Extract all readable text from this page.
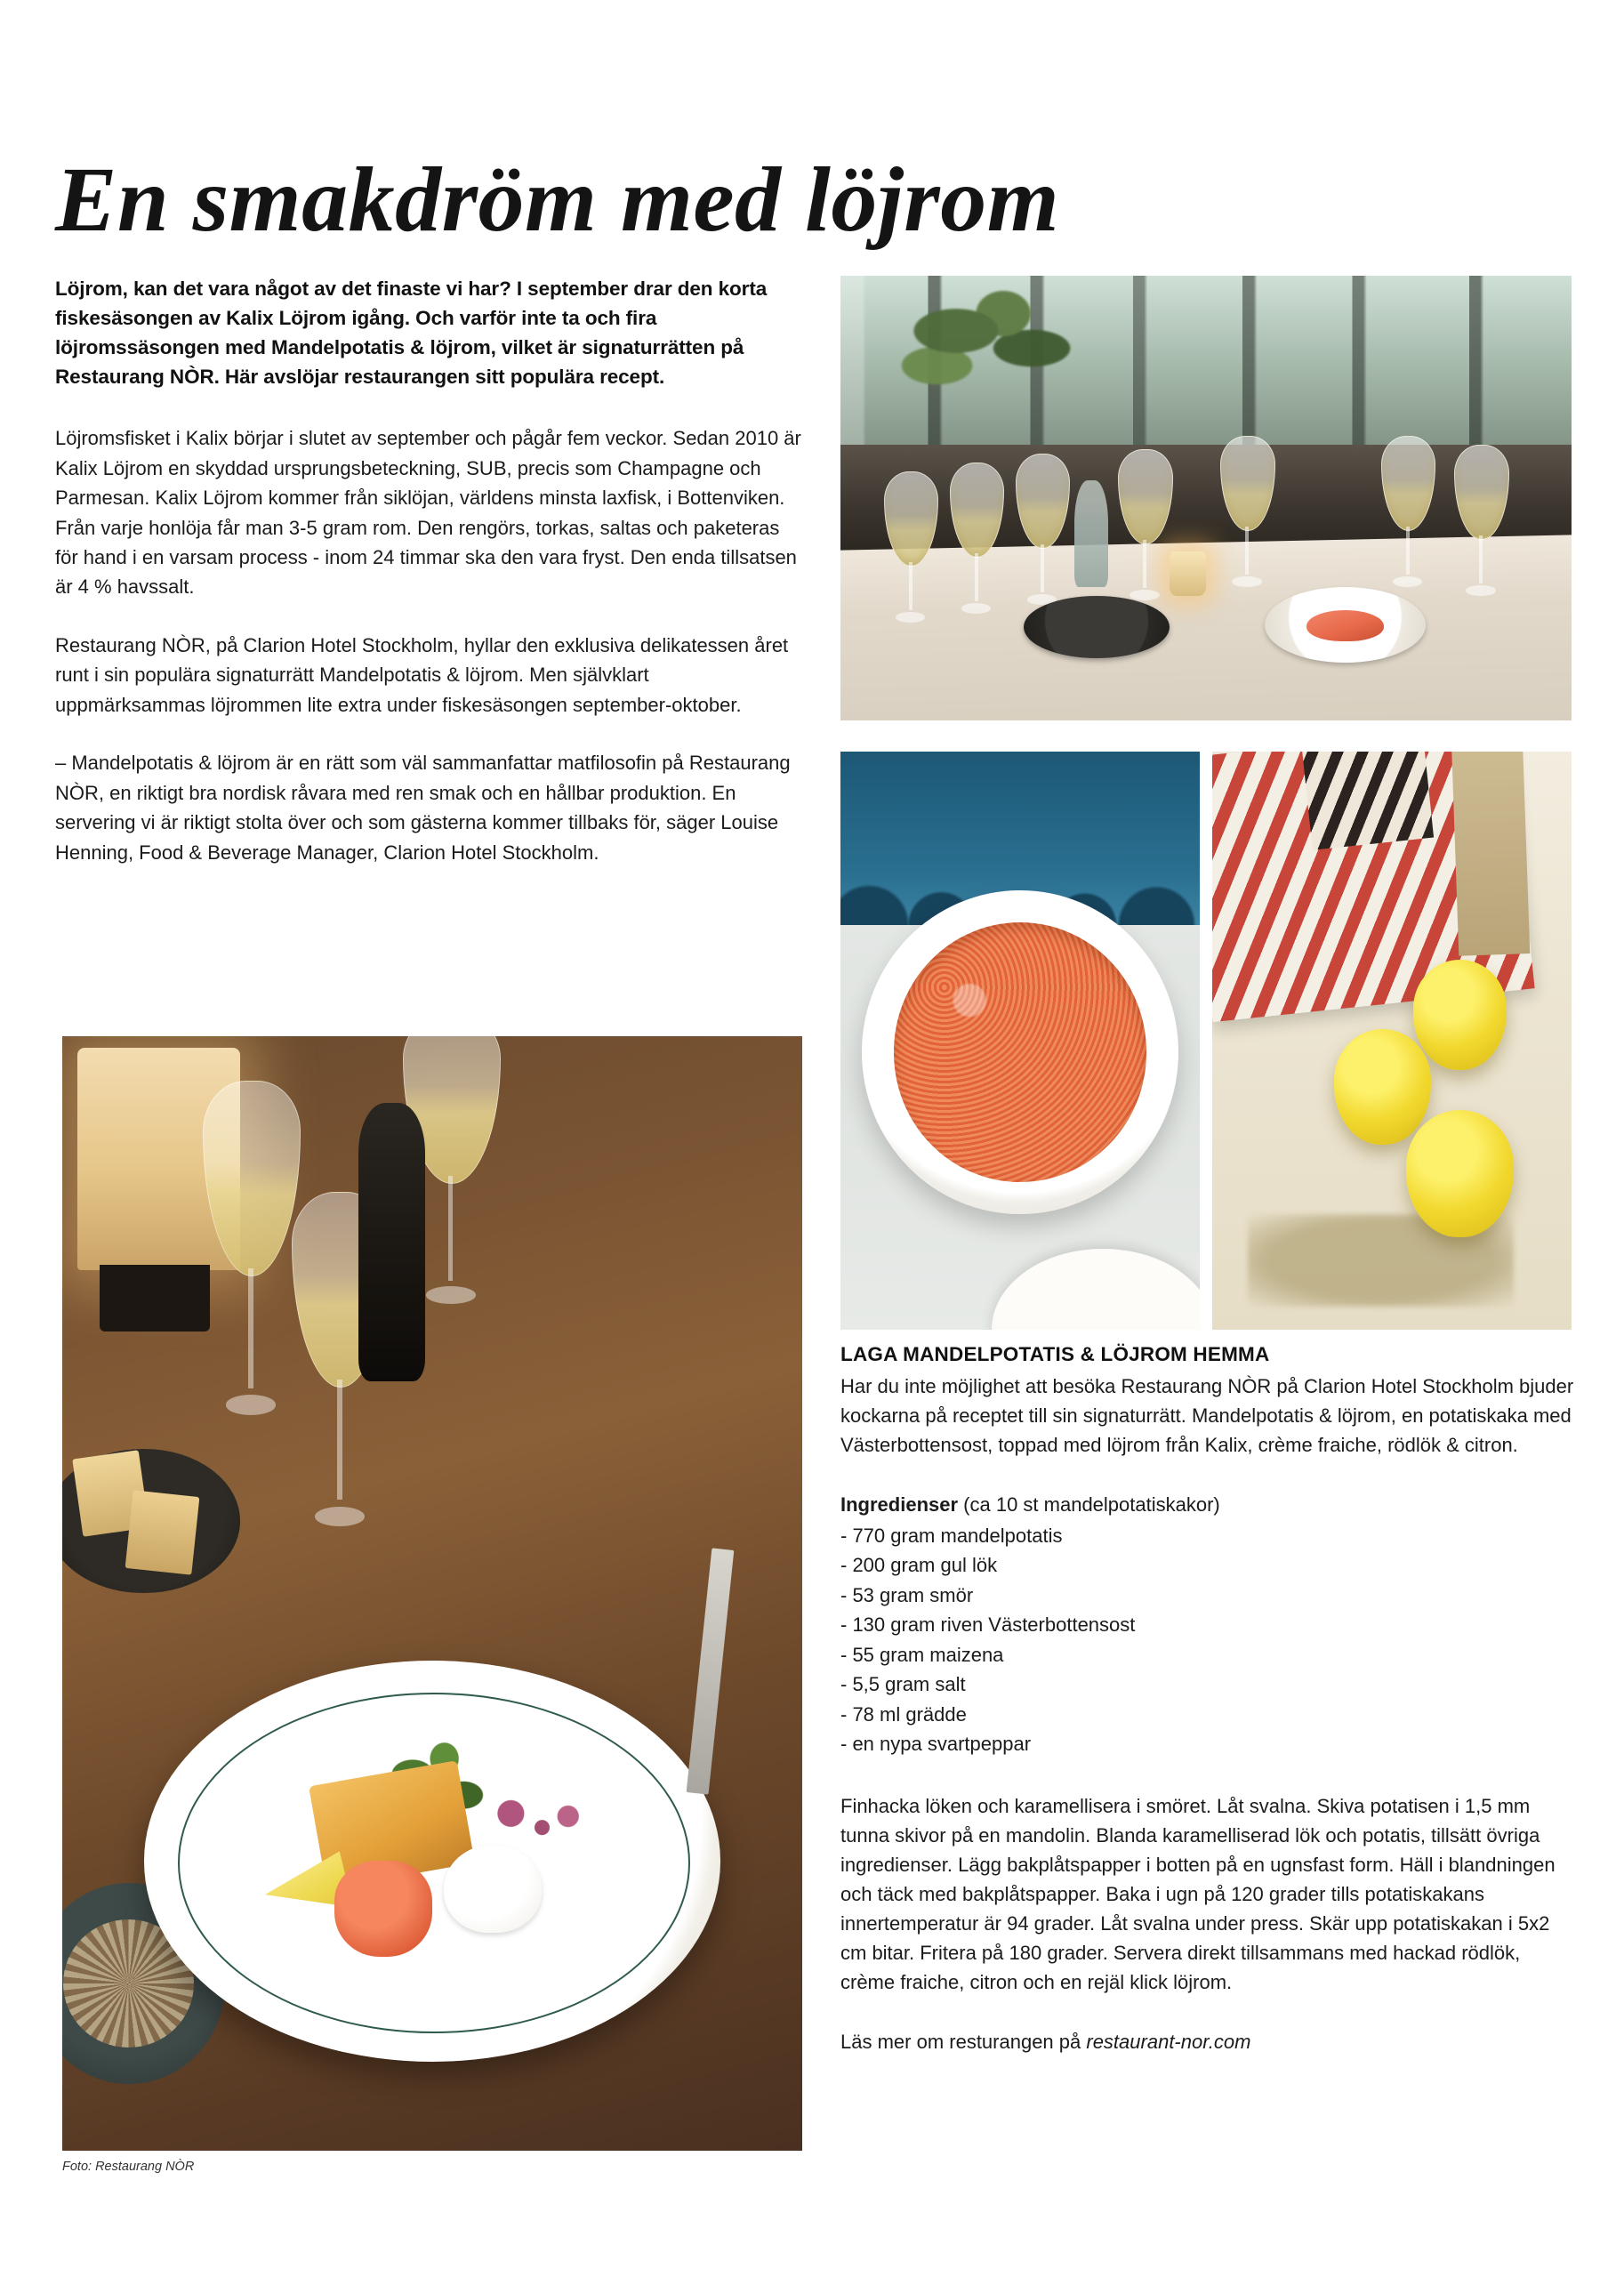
En smakdröm med löjrom

Löjrom, kan det vara något av det finaste vi har? I september drar den korta fiskesäsongen av Kalix Löjrom igång. Och varför inte ta och fira löjromssäsongen med Mandelpotatis & löjrom, vilket är signaturrätten på Restaurang NÒR. Här avslöjar restaurangen sitt populära recept.

Löjromsfisket i Kalix börjar i slutet av september och pågår fem veckor. Sedan 2010 är Kalix Löjrom en skyddad ursprungsbeteckning, SUB, precis som Champagne och Parmesan. Kalix Löjrom kommer från siklöjan, världens minsta laxfisk, i Bottenviken. Från varje honlöja får man 3-5 gram rom. Den rengörs, torkas, saltas och paketeras för hand i en varsam process - inom 24 timmar ska den vara fryst. Den enda tillsatsen är 4 % havssalt.

Restaurang NÒR, på Clarion Hotel Stockholm, hyllar den exklusiva delikatessen året runt i sin populära signaturrätt Mandelpotatis & löjrom. Men självklart uppmärksammas löjrommen lite extra under fiskesäsongen september-oktober.

– Mandelpotatis & löjrom är en rätt som väl sammanfattar matfilosofin på Restaurang NÒR, en riktigt bra nordisk råvara med ren smak och en hållbar produktion. En servering vi är riktigt stolta över och som gästerna kommer tillbaks för, säger Louise Henning, Food & Beverage Manager, Clarion Hotel Stockholm.

Foto: Restaurang NÒR
LAGA MANDELPOTATIS & LÖJROM HEMMA

Har du inte möjlighet att besöka Restaurang NÒR på Clarion Hotel Stockholm bjuder kockarna på receptet till sin signaturrätt. Mandelpotatis & löjrom, en potatiskaka med Västerbottensost, toppad med löjrom från Kalix, crème fraiche, rödlök & citron.

Ingredienser (ca 10 st mandelpotatiskakor)

- 770 gram mandelpotatis
- 200 gram gul lök
- 53 gram smör
- 130 gram riven Västerbottensost
- 55 gram maizena
- 5,5 gram salt
- 78 ml grädde
- en nypa svartpeppar

Finhacka löken och karamellisera i smöret. Låt svalna. Skiva potatisen i 1,5 mm tunna skivor på en mandolin. Blanda karamelliserad lök och potatis, tillsätt övriga ingredienser. Lägg bakplåtspapper i botten på en ugnsfast form. Häll i blandningen och täck med bakplåtspapper. Baka i ugn på 120 grader tills potatiskakans innertemperatur är 94 grader. Låt svalna under press. Skär upp potatiskakan i 5x2 cm bitar. Fritera på 180 grader. Servera direkt tillsammans med hackad rödlök, crème fraiche, citron och en rejäl klick löjrom.

Läs mer om resturangen på restaurant-nor.com
